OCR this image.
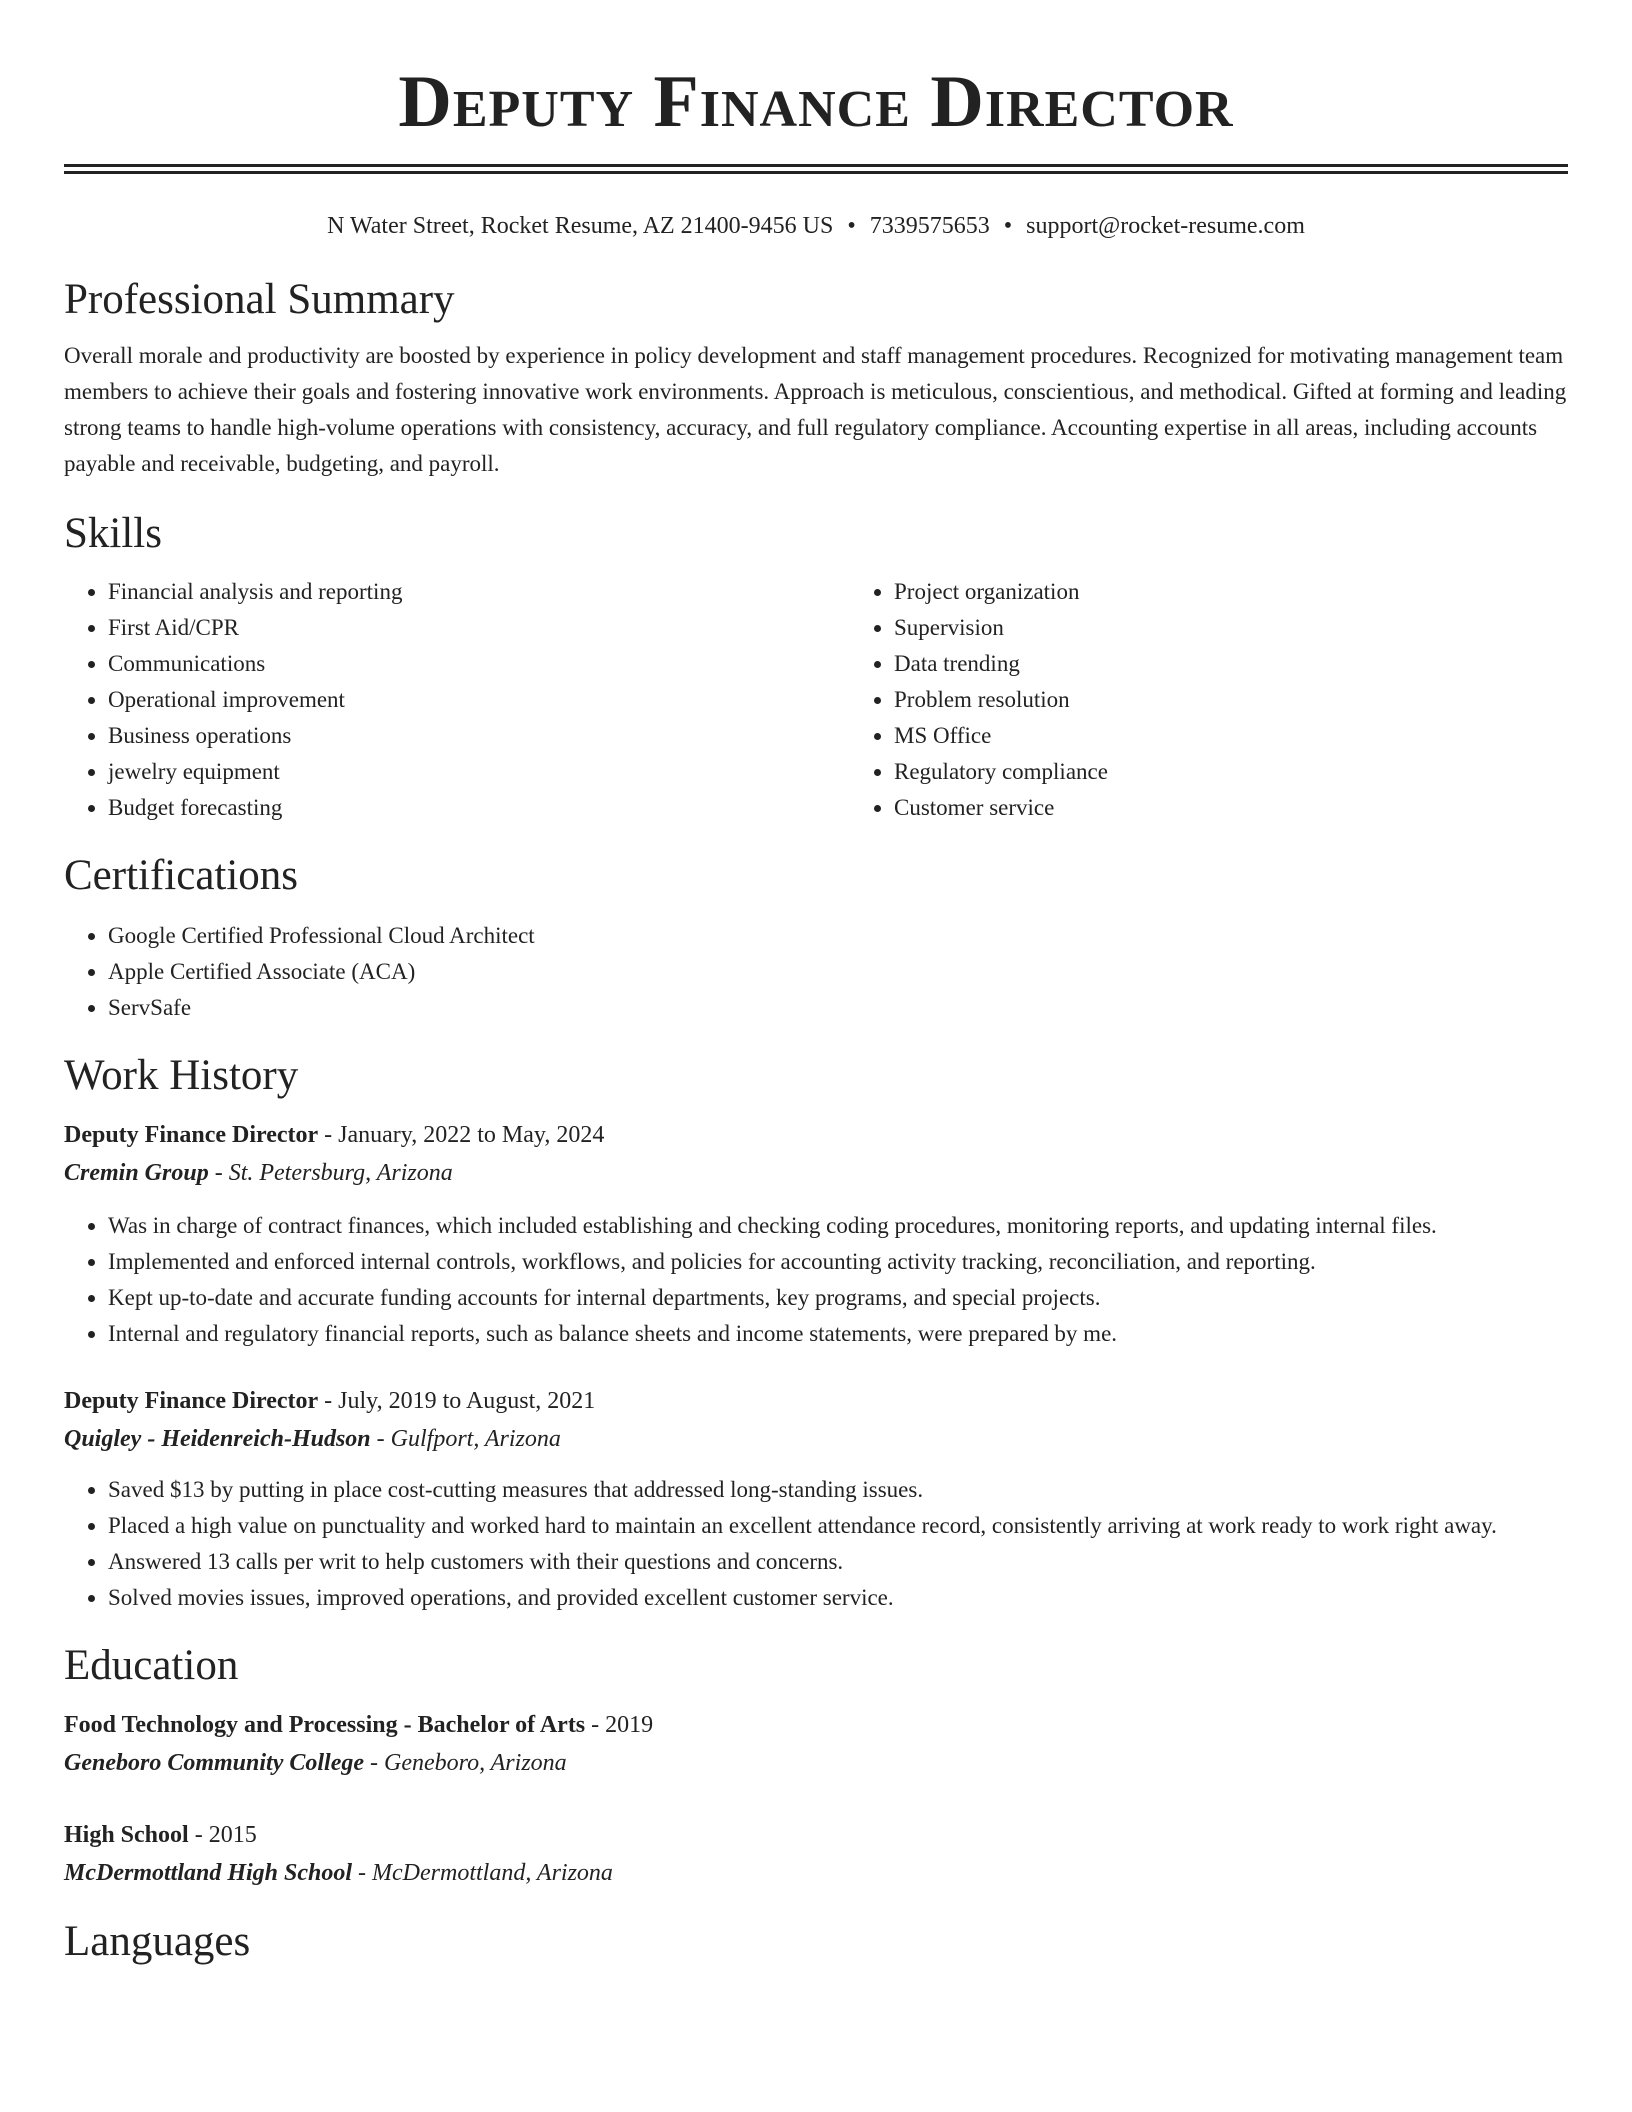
Deputy Finance Director
N Water Street, Rocket Resume, AZ 21400-9456 US • 7339575653 • support@rocket-resume.com
Professional Summary

Overall morale and productivity are boosted by experience in policy development and staff management procedures. Recognized for motivating management team members to achieve their goals and fostering innovative work environments. Approach is meticulous, conscientious, and methodical. Gifted at forming and leading strong teams to handle high-volume operations with consistency, accuracy, and full regulatory compliance. Accounting expertise in all areas, including accounts payable and receivable, budgeting, and payroll.

Skills
• Financial analysis and reporting
• First Aid/CPR
• Communications
• Operational improvement
• Business operations
• jewelry equipment
• Budget forecasting
• Project organization
• Supervision
• Data trending
• Problem resolution
• MS Office
• Regulatory compliance
• Customer service
Certifications
• Google Certified Professional Cloud Architect
• Apple Certified Associate (ACA)
• ServSafe
Work History

Deputy Finance Director - January, 2022 to May, 2024

Cremin Group - St. Petersburg, Arizona

• Was in charge of contract finances, which included establishing and checking coding procedures, monitoring reports, and updating internal files.
• Implemented and enforced internal controls, workflows, and policies for accounting activity tracking, reconciliation, and reporting.
• Kept up-to-date and accurate funding accounts for internal departments, key programs, and special projects.
• Internal and regulatory financial reports, such as balance sheets and income statements, were prepared by me.

Deputy Finance Director - July, 2019 to August, 2021

Quigley - Heidenreich-Hudson - Gulfport, Arizona

• Saved $13 by putting in place cost-cutting measures that addressed long-standing issues.
• Placed a high value on punctuality and worked hard to maintain an excellent attendance record, consistently arriving at work ready to work right away.
• Answered 13 calls per writ to help customers with their questions and concerns.
• Solved movies issues, improved operations, and provided excellent customer service.
Education

Food Technology and Processing - Bachelor of Arts - 2019

Geneboro Community College - Geneboro, Arizona

High School - 2015

McDermottland High School - McDermottland, Arizona

Languages
